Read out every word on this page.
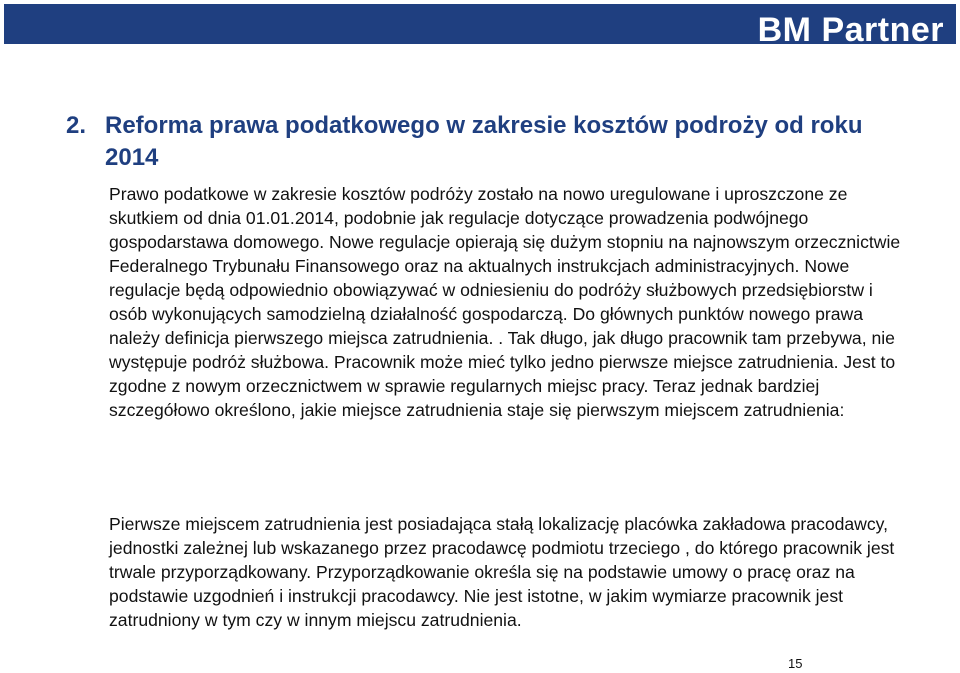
BM Partner
2. Reforma prawa podatkowego w zakresie kosztów podroży od roku 2014

Prawo podatkowe w zakresie kosztów podróży zostało na nowo uregulowane i uproszczone ze skutkiem od dnia 01.01.2014, podobnie jak regulacje dotyczące prowadzenia podwójnego gospodarstawa domowego. Nowe regulacje opierają się dużym stopniu na najnowszym orzecznictwie Federalnego Trybunału Finansowego oraz na aktualnych instrukcjach administracyjnych. Nowe regulacje będą odpowiednio obowiązywać w odniesieniu do podróży służbowych przedsiębiorstw i osób wykonujących samodzielną działalność gospodarczą. Do głównych punktów nowego prawa należy definicja pierwszego miejsca zatrudnienia. . Tak długo, jak długo pracownik tam przebywa, nie występuje podróż służbowa. Pracownik może mieć tylko jedno pierwsze miejsce zatrudnienia. Jest to zgodne z nowym orzecznictwem w sprawie regularnych miejsc pracy. Teraz jednak bardziej szczegółowo określono, jakie miejsce zatrudnienia staje się pierwszym miejscem zatrudnienia:

Pierwsze miejscem zatrudnienia jest posiadająca stałą lokalizację placówka zakładowa pracodawcy, jednostki zależnej lub wskazanego przez pracodawcę podmiotu trzeciego , do którego pracownik jest trwale przyporządkowany. Przyporządkowanie określa się na podstawie umowy o pracę oraz na podstawie uzgodnień i instrukcji pracodawcy. Nie jest istotne, w jakim wymiarze pracownik jest zatrudniony w tym czy w innym miejscu zatrudnienia.

15
